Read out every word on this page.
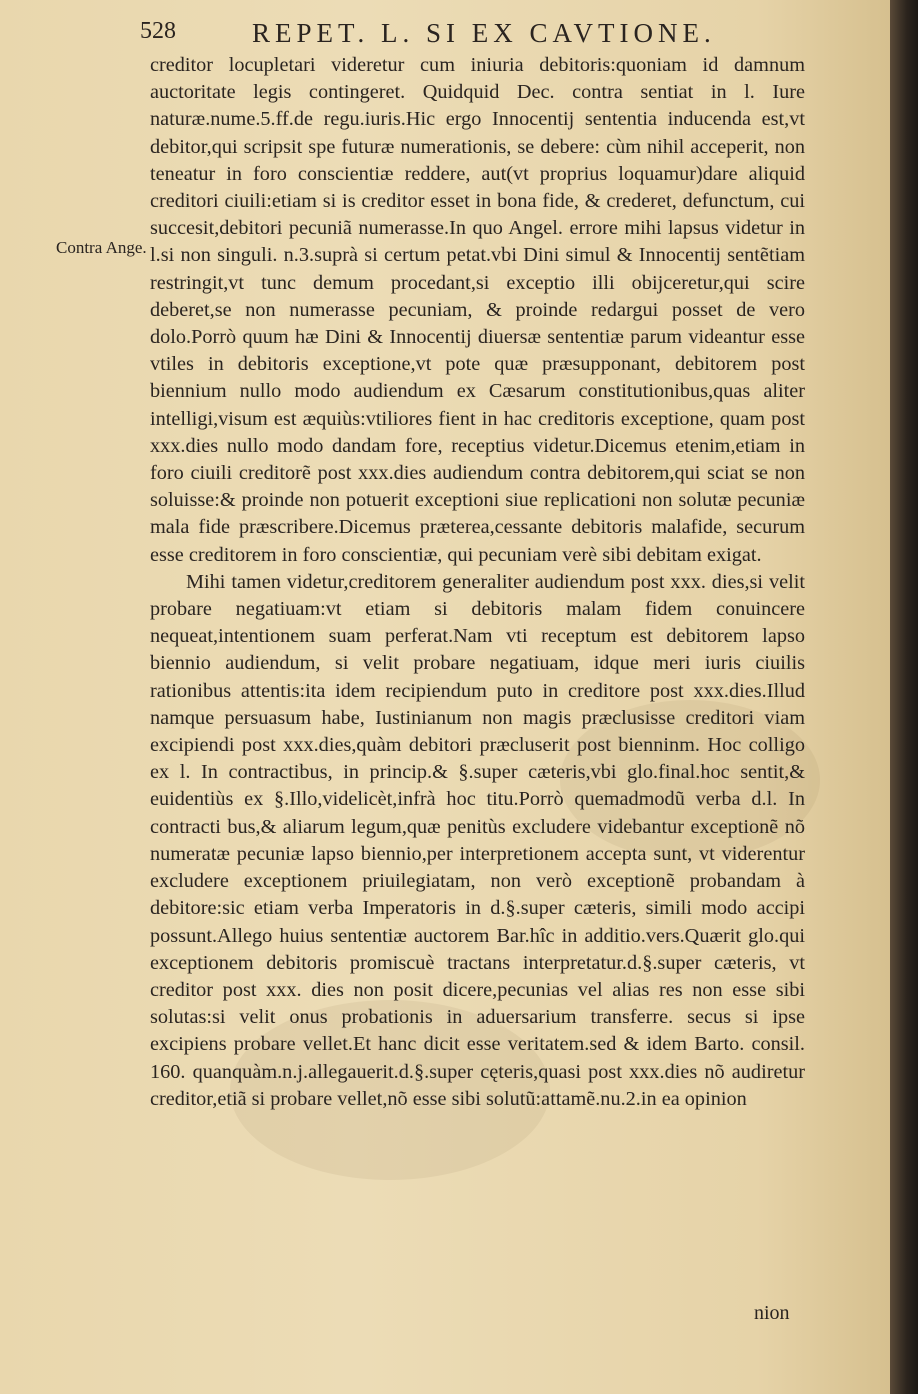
528	REPET. L. SI EX CAVTIONE.
Contra Ange.

creditor locupletari videretur cum iniuria debitoris:quoniam id damnum auctoritate legis contingeret. Quidquid Dec. contra sentiat in l. Iure naturæ.nume.5.ff.de regu.iuris.Hic ergo Innocentij sententia inducenda est,vt debitor,qui scripsit spe futuræ numerationis, se debere: cùm nihil acceperit, non teneatur in foro conscientiæ reddere, aut(vt proprius loquamur)dare aliquid creditori ciuili:etiam si is creditor esset in bona fide, & crederet, defunctum, cui succesit,debitori pecuniã numerasse.In quo Angel. errore mihi lapsus videtur in l.si non singuli. n.3.suprà si certum petat.vbi Dini simul & Innocentij sentẽtiam restringit,vt tunc demum procedant,si exceptio illi obijceretur,qui scire deberet,se non numerasse pecuniam, & proinde redargui posset de vero dolo.Porrò quum hæ Dini & Innocentij diuersæ sententiæ parum videantur esse vtiles in debitoris exceptione,vt pote quæ præsupponant, debitorem post biennium nullo modo audiendum ex Cæsarum constitutionibus,quas aliter intelligi,visum est æquiùs:vtiliores fient in hac creditoris exceptione, quam post xxx.dies nullo modo dandam fore, receptius videtur.Dicemus etenim,etiam in foro ciuili creditorẽ post xxx.dies audiendum contra debitorem,qui sciat se non soluisse:& proinde non potuerit exceptioni siue replicationi non solutæ pecuniæ mala fide præscribere.Dicemus præterea,cessante debitoris malafide, securum esse creditorem in foro conscientiæ, qui pecuniam verè sibi debitam exigat.

Mihi tamen videtur,creditorem generaliter audiendum post xxx. dies,si velit probare negatiuam:vt etiam si debitoris malam fidem conuincere nequeat,intentionem suam perferat.Nam vti receptum est debitorem lapso biennio audiendum, si velit probare negatiuam, idque meri iuris ciuilis rationibus attentis:ita idem recipiendum puto in creditore post xxx.dies.Illud namque persuasum habe, Iustinianum non magis præclusisse creditori viam excipiendi post xxx.dies,quàm debitori præcluserit post bienninm. Hoc colligo ex l. In contractibus, in princip.& §.super cæteris,vbi glo.final.hoc sentit,& euidentiùs ex §.Illo,videlicèt,infrà hoc titu.Porrò quemadmodũ verba d.l. In contracti bus,& aliarum legum,quæ penitùs excludere videbantur exceptionẽ nõ numeratæ pecuniæ lapso biennio,per interpretionem accepta sunt, vt viderentur excludere exceptionem priuilegiatam, non verò exceptionẽ probandam à debitore:sic etiam verba Imperatoris in d.§.super cæteris, simili modo accipi possunt.Allego huius sententiæ auctorem Bar.hîc in additio.vers.Quærit glo.qui exceptionem debitoris promiscuè tractans interpretatur.d.§.super cæteris, vt creditor post xxx. dies non posit dicere,pecunias vel alias res non esse sibi solutas:si velit onus probationis in aduersarium transferre. secus si ipse excipiens probare vellet.Et hanc dicit esse veritatem.sed & idem Barto. consil. 160. quanquàm.n.j.allegauerit.d.§.super cęteris,quasi post xxx.dies nõ audiretur creditor,etiã si probare vellet,nõ esse sibi solutũ:attamẽ.nu.2.in ea opinion

nion
